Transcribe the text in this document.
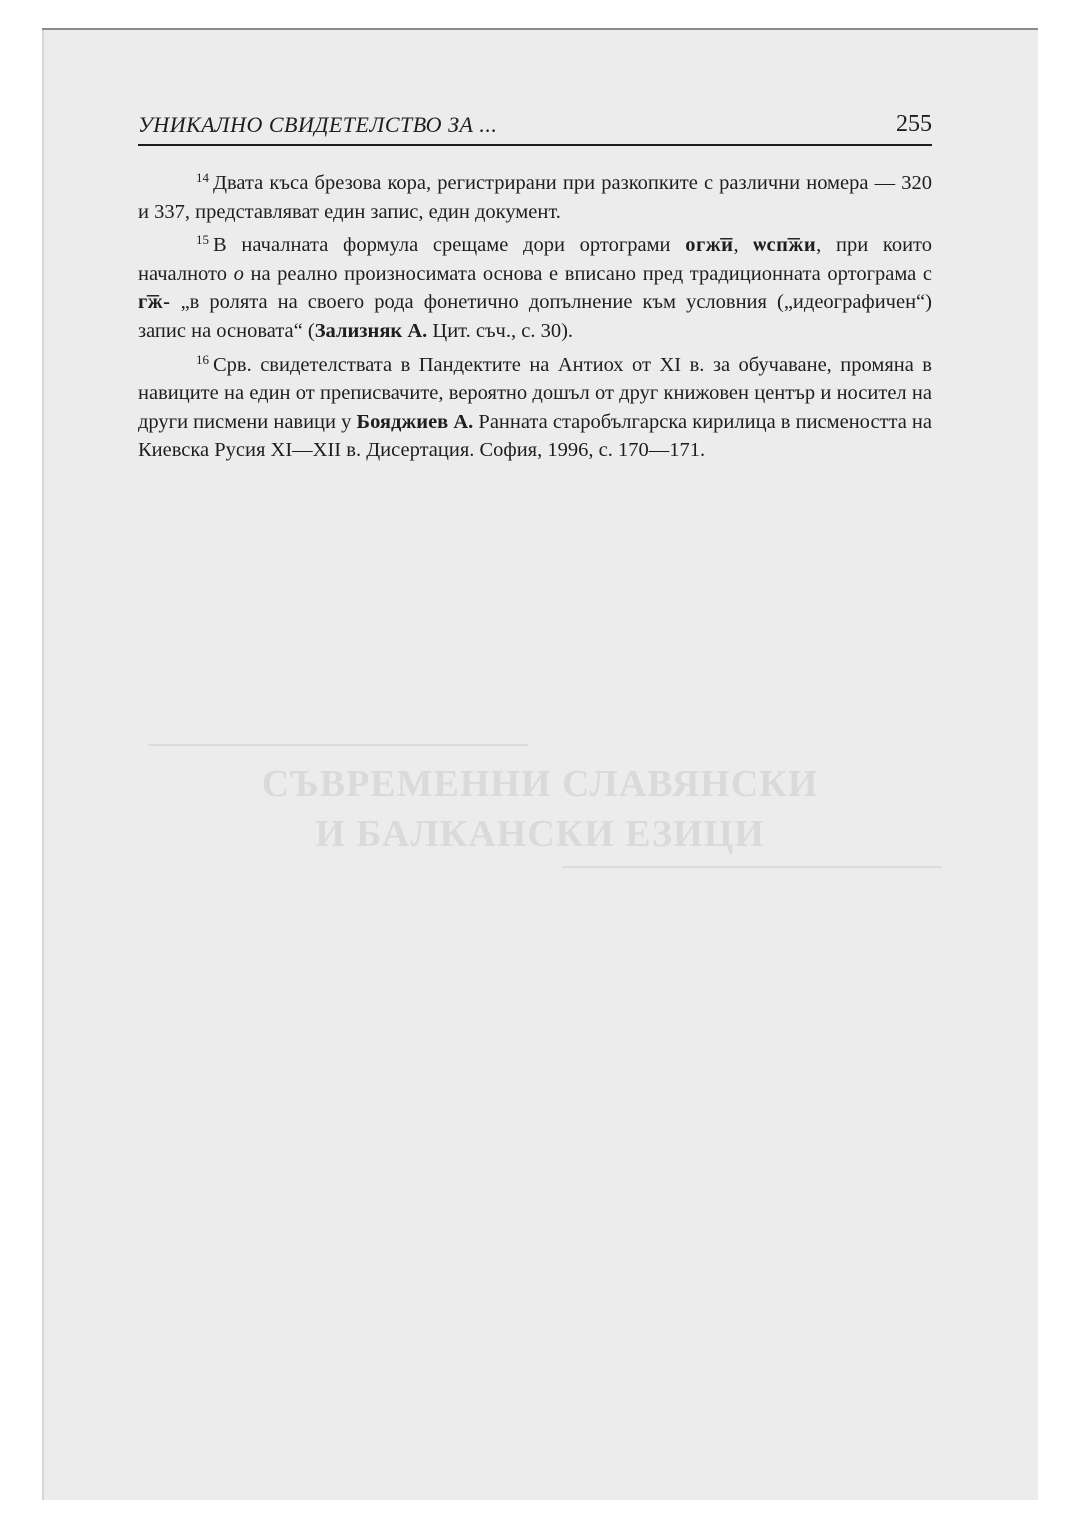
СЪВРЕМЕННИ СЛАВЯНСКИ
И БАЛКАНСКИ ЕЗИЦИ
УНИКАЛНО СВИДЕТЕЛСТВО ЗА ...	255

$^{14}$ Двата къса брезова кора, регистрирани при разкопките с различни номера — 320 и 337, представляват един запис, един документ.

$^{15}$ В началната формула срещаме дори ортограми огж͞и, ѡсп͞жи, при които началното о на реално произносимата основа е вписано пред традиционната ортограма с г͞ж- „в ролята на своего рода фонетично допълнение към условния („идеографичен“) запис на основата“ (Зализняк А. Цит. съч., с. 30).

$^{16}$ Срв. свидетелствата в Пандектите на Антиох от XI в. за обучаване, промяна в навиците на един от преписвачите, вероятно дошъл от друг книжовен център и носител на други писмени навици у Бояджиев А. Ранната старобългарска кирилица в писмеността на Киевска Русия XI—XII в. Дисертация. София, 1996, с. 170—171.
